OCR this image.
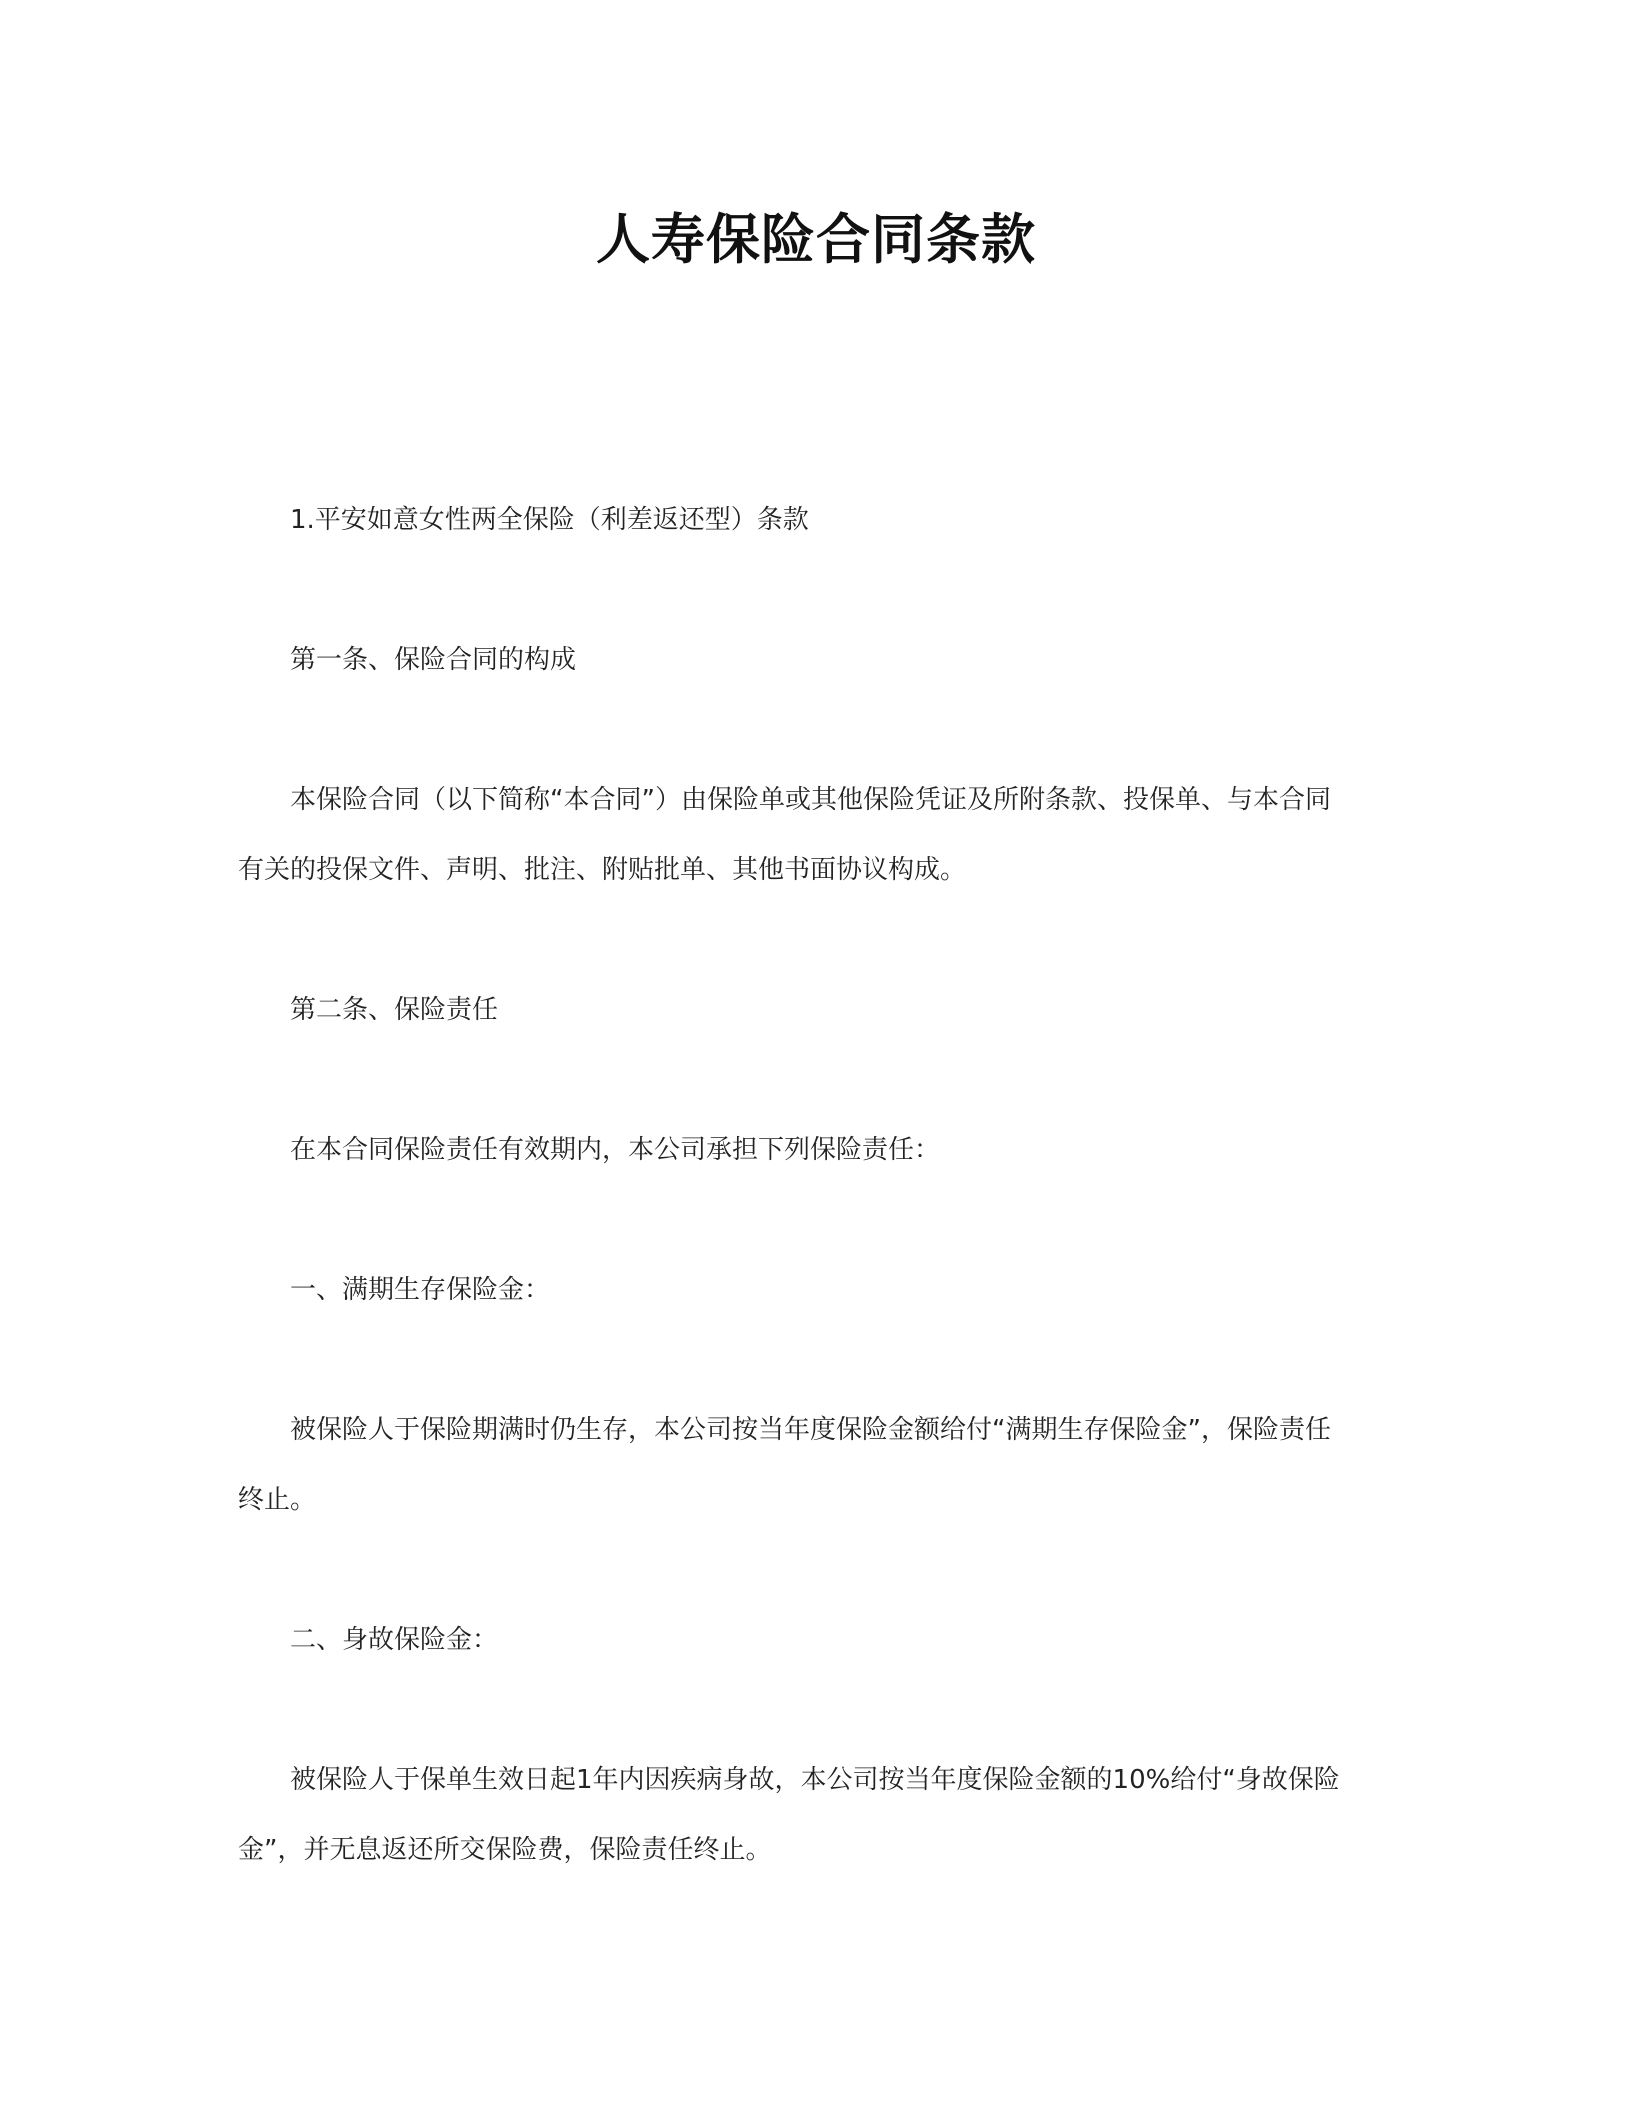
人寿保险合同条款

1.平安如意女性两全保险（利差返还型）条款

第一条、保险合同的构成

本保险合同（以下简称“本合同”）由保险单或其他保险凭证及所附条款、投保单、与本合同
有关的投保文件、声明、批注、附贴批单、其他书面协议构成。

第二条、保险责任

在本合同保险责任有效期内，本公司承担下列保险责任：

一、满期生存保险金：

被保险人于保险期满时仍生存，本公司按当年度保险金额给付“满期生存保险金”，保险责任
终止。

二、身故保险金：

被保险人于保单生效日起1年内因疾病身故，本公司按当年度保险金额的10%给付“身故保险
金”，并无息返还所交保险费，保险责任终止。
